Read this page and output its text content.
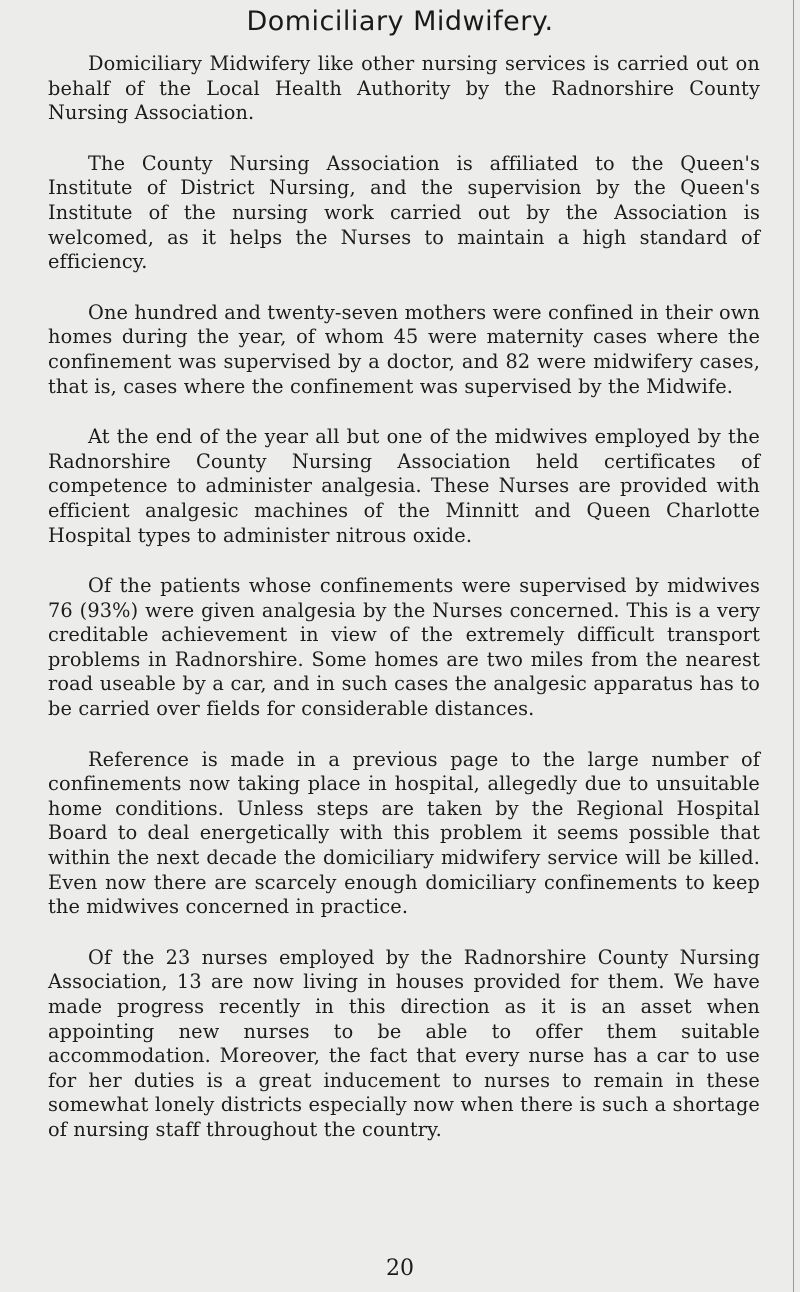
Domiciliary Midwifery.

Domiciliary Midwifery like other nursing services is carried out on behalf of the Local Health Authority by the Radnorshire County Nursing Association.

The County Nursing Association is affiliated to the Queen's Institute of District Nursing, and the supervision by the Queen's Institute of the nursing work carried out by the Association is welcomed, as it helps the Nurses to maintain a high standard of efficiency.

One hundred and twenty-seven mothers were confined in their own homes during the year, of whom 45 were maternity cases where the confinement was supervised by a doctor, and 82 were midwifery cases, that is, cases where the confinement was supervised by the Midwife.

At the end of the year all but one of the midwives employed by the Radnorshire County Nursing Association held certificates of competence to administer analgesia. These Nurses are provided with efficient analgesic machines of the Minnitt and Queen Charlotte Hospital types to administer nitrous oxide.

Of the patients whose confinements were supervised by midwives 76 (93%) were given analgesia by the Nurses concerned. This is a very creditable achievement in view of the extremely difficult transport problems in Radnorshire. Some homes are two miles from the nearest road useable by a car, and in such cases the analgesic apparatus has to be carried over fields for considerable distances.

Reference is made in a previous page to the large number of confinements now taking place in hospital, allegedly due to unsuitable home conditions. Unless steps are taken by the Regional Hospital Board to deal energetically with this problem it seems possible that within the next decade the domiciliary midwifery service will be killed. Even now there are scarcely enough domiciliary confinements to keep the midwives concerned in practice.

Of the 23 nurses employed by the Radnorshire County Nursing Association, 13 are now living in houses provided for them. We have made progress recently in this direction as it is an asset when appointing new nurses to be able to offer them suitable accommodation. Moreover, the fact that every nurse has a car to use for her duties is a great inducement to nurses to remain in these somewhat lonely districts especially now when there is such a shortage of nursing staff throughout the country.

20
